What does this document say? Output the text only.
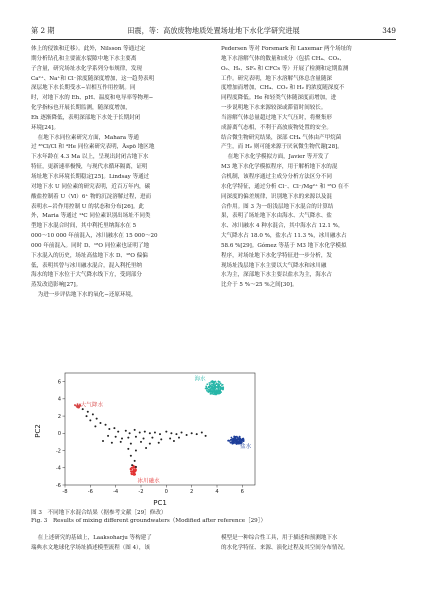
第 2 期	田震，等：高放废物地质处置场址地下水化学研究进展	349
体上的侵蚀和迁移）。此外，Nilsson 等通过定
期分析钻孔和主要流水裂隙中地下水主要离
子含量，研究场址水化学系列分布规律，发现
Ca²⁺、Na⁺和 Cl⁻浓度随深度增加，这一趋势表明
深层地下水长期受水−岩相互作用控制。同
时，对地下水的 Eh、pH、温度和电导率等物理−
化学指标也开展长期监测，随深度增加，
Eh 逐渐降低，表明深部地下水处于长期封闭
环境[24]。
在地下水同位素研究方面，Mahara 等通
过 ³⁶Cl/Cl 和 ⁴He 同位素研究表明，Äspö 地区地
下水年龄在 4.3 Ma 以上，呈现出封闭古地下水
特征，更新速率极慢，与现代水循环隔离，证明
场址地下水环境长期稳定[25]。Lindsay 等通过
对地下水 U 同位素的研究表明，近百万年内，碳
酸盐控制着 U（Ⅵ）6⁺ 物的沉淀溶解过程，进而
表明水−岩作用控制 U 的状态和分布[26]。此
外，Maria 等通过 ¹⁴C 同位素识别出场址不同类
型地下水混合时间，其中利托里纳海水在 5
000～10 000 年前混入，冰川融水在 15 000～20
000 年前混入。同时 D、¹⁸O 同位素也证明了地
下水混入的历史，场址高盐地下水 D、¹⁸O 偏偏
低，表明其曾与冰川融水混合，混入利托里纳
海水的地下水位于大气降水线下方，受到部分
蒸发改造影响[27]。
为进一步评估地下水的氧化−还原环境，
Pedersen 等对 Forsmark 和 Laxemar 两个场址的
地下水溶解气体的数量和成分（包括 CH₄、CO₂、
O₂、H₂、SF₆ 和 CFCs 等）开展了检测和定期监测
工作。研究表明，地下水溶解气体总含量随深
度增加而增加，CH₄、CO₂ 和 H₂ 的浓度随深度不
同程度降低。He 和轻类气体随深度而增加，进
一步说明地下水来源较深或滞留时间较长。
当溶解气体总量超过地下大气压时，将聚集形
成游离气态相，不利于高放废物处置的安全。
结合微生物研究结果，深部 CH₄ 气体由产甲烷菌
产生，而 H₂ 则可能来源于厌氧微生物代谢[28]。
在地下水化学模拟方面，Javier 等开发了
M3 地下水化学模拟程序，用于解析地下水的混
合机制，该程序通过主成分分析方法区分不同
水化学特征，通过分析 Cl⁻、Cl⁻/Mg²⁺ 和 ¹⁸O 在不
同深度的偏差规律，识别地下水的来源以及混
合作用。图 3 为一组浅层地下水混合的计算结
果，表明了场址地下水由海水、大气降水、盐
水、冰川融水 4 种水混合，其中海水占 12.1 %，
大气降水占 18.0 %，盐水占 11.3 %，冰川融水占
58.6 %[29]。Gómez 等基于 M3 地下水化学模拟
程序，对场址地下水化学特征进一步分析，发
现场址浅层地下水主要以大气降水和冰川融
水为主，深部地下水主要以盐水为主，海水占
比介于 5 %～25 %之间[30]。
-8	-6	-4	-2	0	2	4	6
6
4
2
0
-2
-4
-6
海水
大气降水
盐水
冰川融水
PC2
PC1
图 3　不同地下水混合结果（据参考文献［29］修改）
Fig. 3　Results of mixing different groundwaters（Modified after reference［29］）
在上述研究的基础上，Laaksoharju 等构建了
瑞典水文地球化学场址描述模型流程（图 4），该
模型是一种综合性工具，用于描述和预测地下水
的水化学特征、来源、演化过程及其空间分布情况。
